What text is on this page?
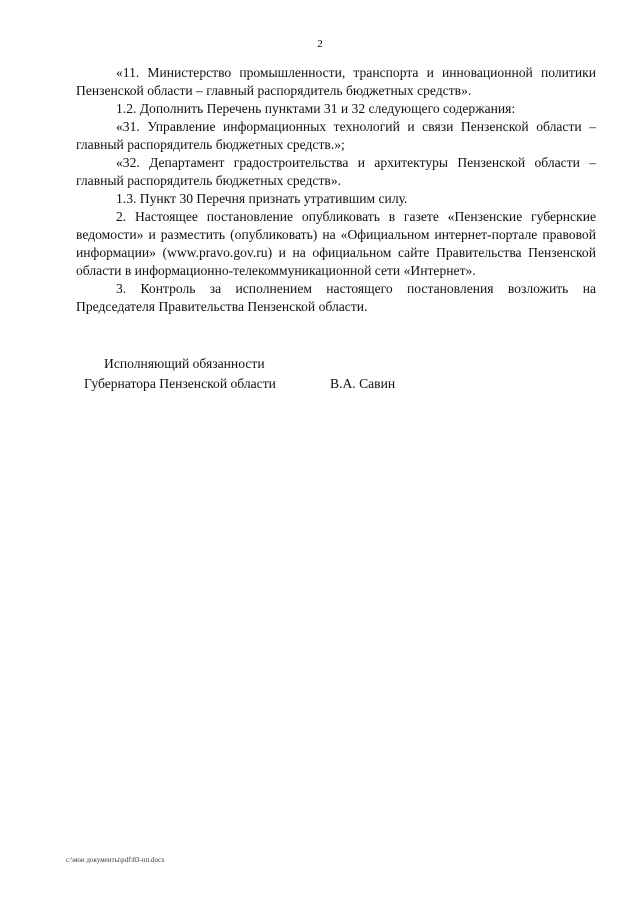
2

«11. Министерство промышленности, транспорта и инновационной политики Пензенской области – главный распорядитель бюджетных средств».

1.2. Дополнить Перечень пунктами 31 и 32 следующего содержания:

«31. Управление информационных технологий и связи Пензенской области – главный распорядитель бюджетных средств.»;

«32. Департамент градостроительства и архитектуры Пензенской области – главный распорядитель бюджетных средств».

1.3. Пункт 30 Перечня признать утратившим силу.

2. Настоящее постановление опубликовать в газете «Пензенские губернские ведомости» и разместить (опубликовать) на «Официальном интернет-портале правовой информации» (www.pravo.gov.ru) и на официальном сайте Правительства Пензенской области в информационно-телекоммуникационной сети «Интернет».

3. Контроль за исполнением настоящего постановления возложить на Председателя Правительства Пензенской области.

Исполняющий обязанности
Губернатора Пензенской области	В.А. Савин
c:\мои документы\pdf\83-пп.docx
